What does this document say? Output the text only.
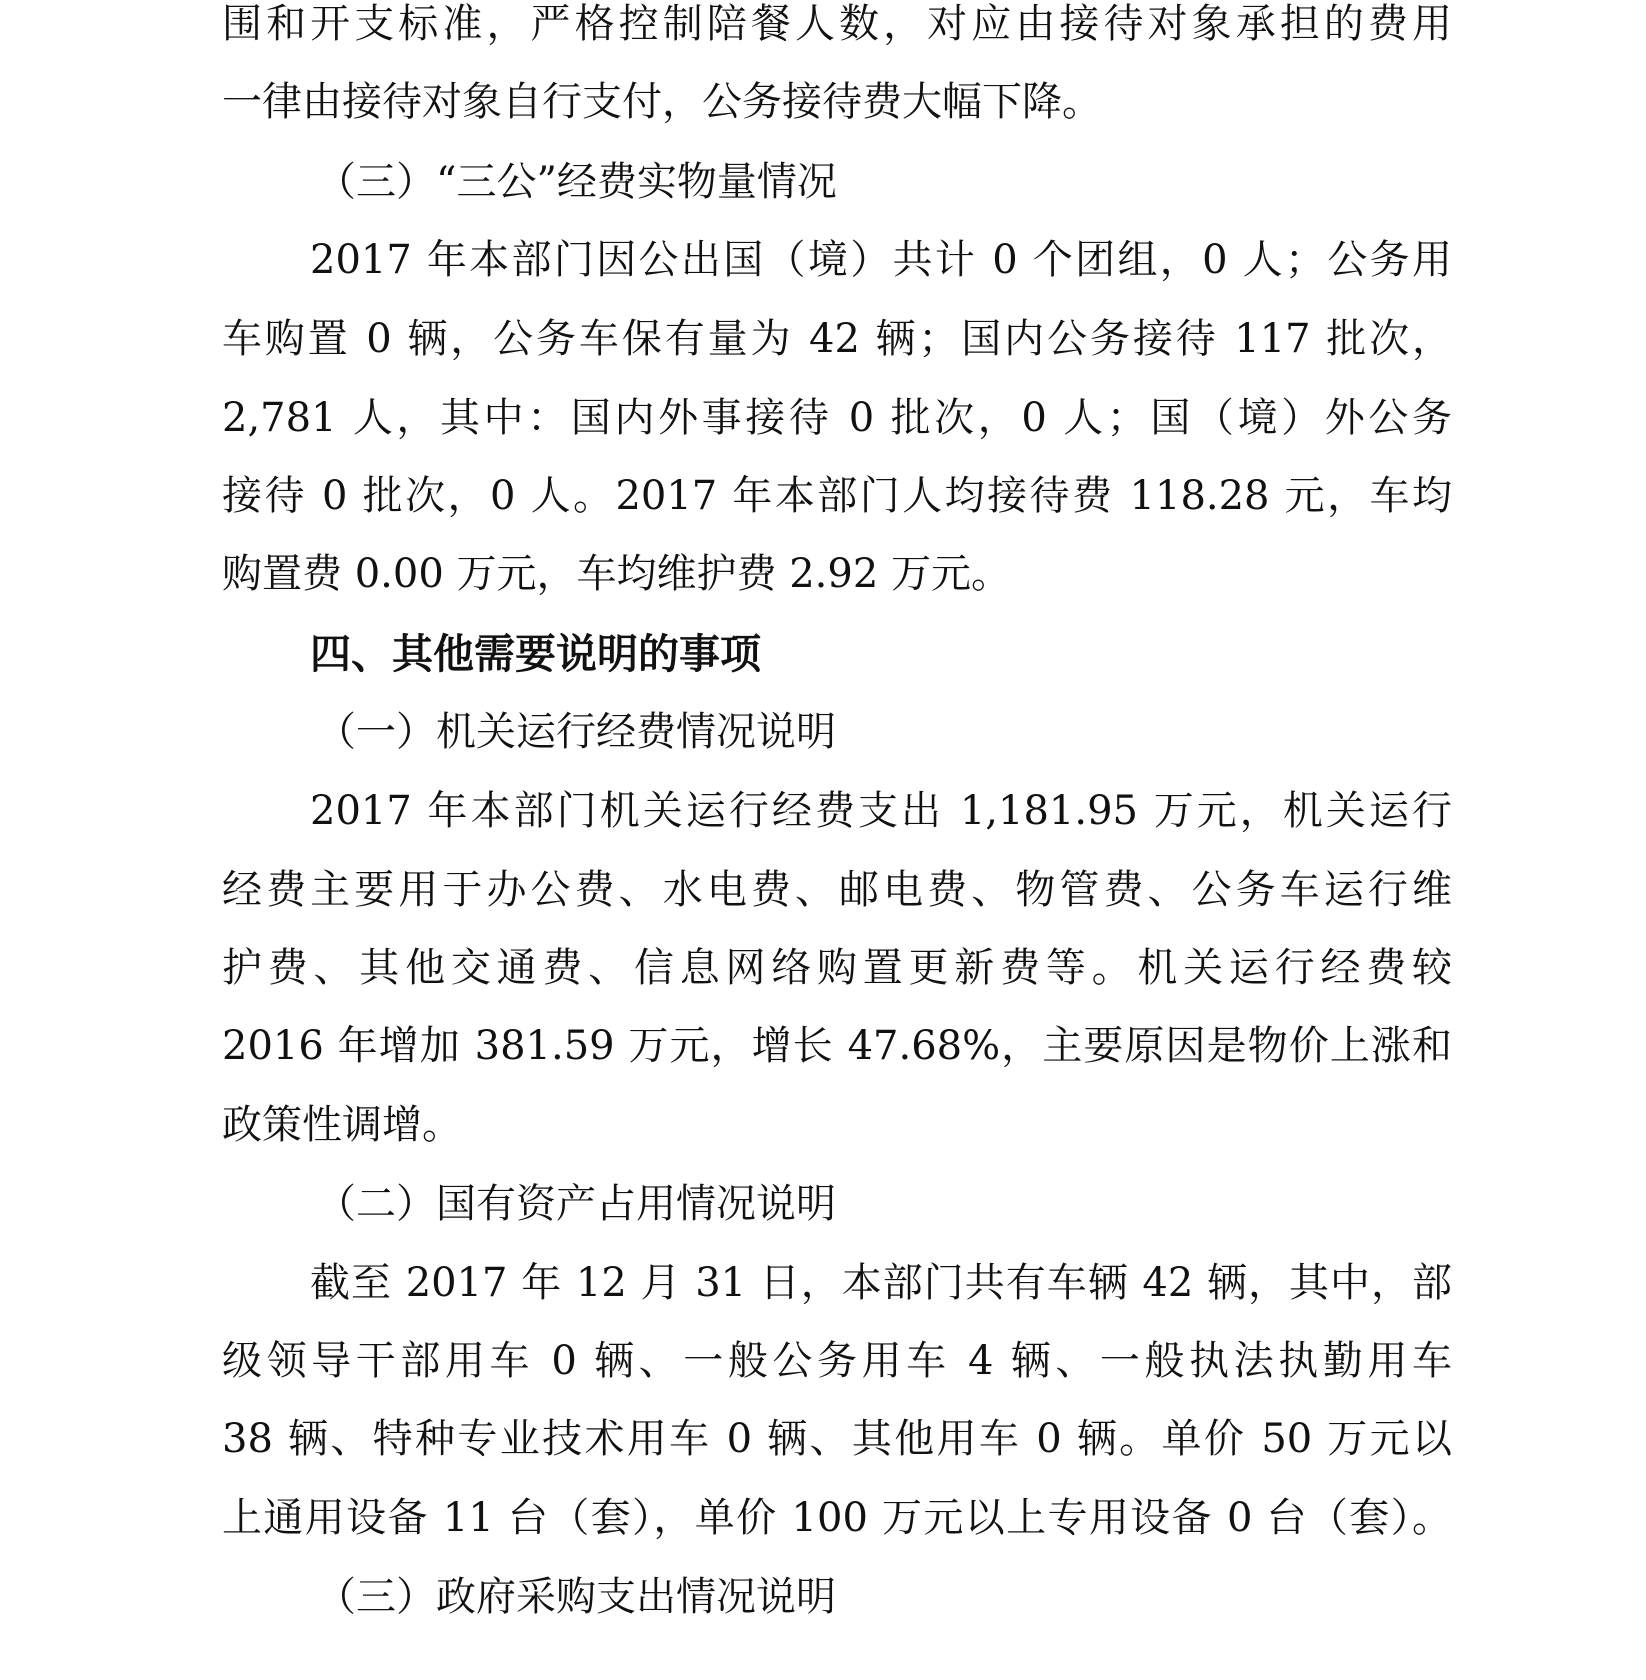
围和开支标准，严格控制陪餐人数，对应由接待对象承担的费用
一律由接待对象自行支付，公务接待费大幅下降。
（三）“三公”经费实物量情况
2017 年本部门因公出国（境）共计 0 个团组，0 人；公务用
车购置 0 辆，公务车保有量为 42 辆；国内公务接待 117 批次，
2,781 人，其中：国内外事接待 0 批次，0 人；国（境）外公务
接待 0 批次，0 人。2017 年本部门人均接待费 118.28 元，车均
购置费 0.00 万元，车均维护费 2.92 万元。
四、其他需要说明的事项
（一）机关运行经费情况说明
2017 年本部门机关运行经费支出 1,181.95 万元，机关运行
经费主要用于办公费、水电费、邮电费、物管费、公务车运行维
护费、其他交通费、信息网络购置更新费等。机关运行经费较
2016 年增加 381.59 万元，增长 47.68%，主要原因是物价上涨和
政策性调增。
（二）国有资产占用情况说明
截至 2017 年 12 月 31 日，本部门共有车辆 42 辆，其中，部
级领导干部用车 0 辆、一般公务用车 4 辆、一般执法执勤用车
38 辆、特种专业技术用车 0 辆、其他用车 0 辆。单价 50 万元以
上通用设备 11 台（套），单价 100 万元以上专用设备 0 台（套）。
（三）政府采购支出情况说明
